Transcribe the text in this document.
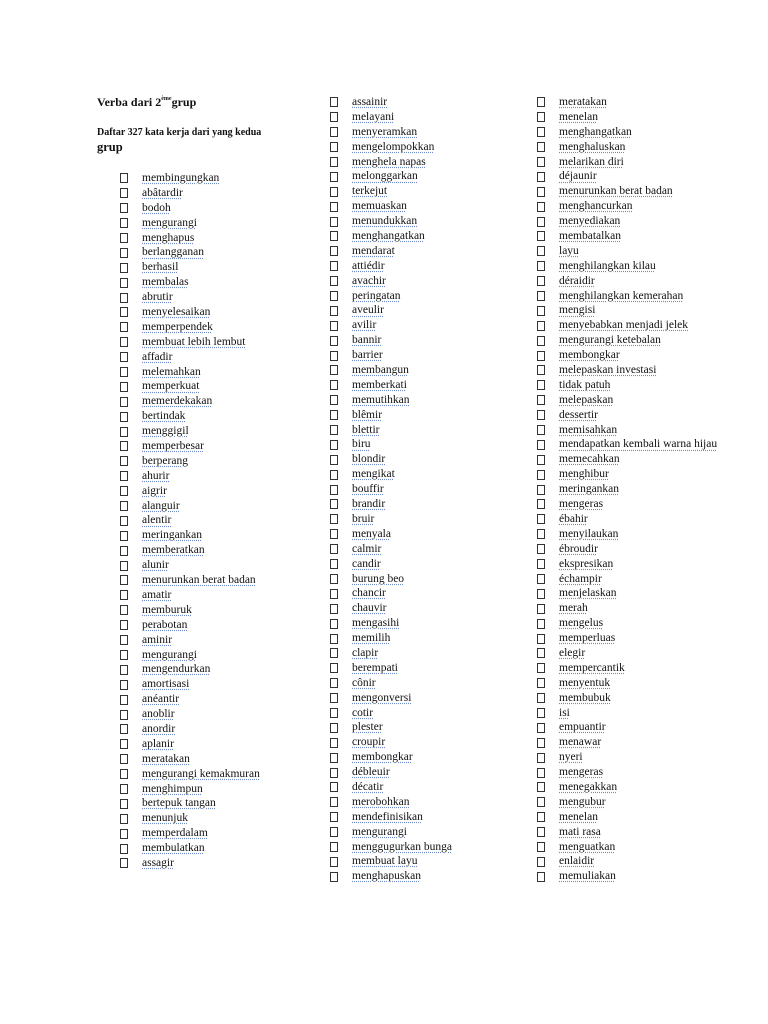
Verba dari 2èmegrup
Daftar 327 kata kerja dari yang kedua
grup
membingungkan
abâtardir
bodoh
mengurangi
menghapus
berlangganan
berhasil
membalas
abrutir
menyelesaikan
memperpendek
membuat lebih lembut
affadir
melemahkan
memperkuat
memerdekakan
bertindak
menggigil
memperbesar
berperang
ahurir
aigrir
alanguir
alentir
meringankan
memberatkan
alunir
menurunkan berat badan
amatir
memburuk
perabotan
aminir
mengurangi
mengendurkan
amortisasi
anéantir
anoblir
anordir
aplanir
meratakan
mengurangi kemakmuran
menghimpun
bertepuk tangan
menunjuk
memperdalam
membulatkan
assagir
assainir
melayani
menyeramkan
mengelompokkan
menghela napas
melonggarkan
terkejut
memuaskan
menundukkan
menghangatkan
mendarat
attiédir
avachir
peringatan
aveulir
avilir
bannir
barrier
membangun
memberkati
memutihkan
blêmir
blettir
biru
blondir
mengikat
bouffir
brandir
bruir
menyala
calmir
candir
burung beo
chancir
chauvir
mengasihi
memilih
clapir
berempati
cônir
mengonversi
cotir
plester
croupir
membongkar
débleuir
décatir
merobohkan
mendefinisikan
mengurangi
menggugurkan bunga
membuat layu
menghapuskan
meratakan
menelan
menghangatkan
menghaluskan
melarikan diri
déjaunir
menurunkan berat badan
menghancurkan
menyediakan
membatalkan
layu
menghilangkan kilau
déraidir
menghilangkan kemerahan
mengisi
menyebabkan menjadi jelek
mengurangi ketebalan
membongkar
melepaskan investasi
tidak patuh
melepaskan
dessertir
memisahkan
mendapatkan kembali warna hijau
memecahkan
menghibur
meringankan
mengeras
ébahir
menyilaukan
ébroudir
ekspresikan
échampir
menjelaskan
merah
mengelus
memperluas
elegir
mempercantik
menyentuk
membubuk
isi
empuantir
menawar
nyeri
mengeras
menegakkan
mengubur
menelan
mati rasa
menguatkan
enlaidir
memuliakan
